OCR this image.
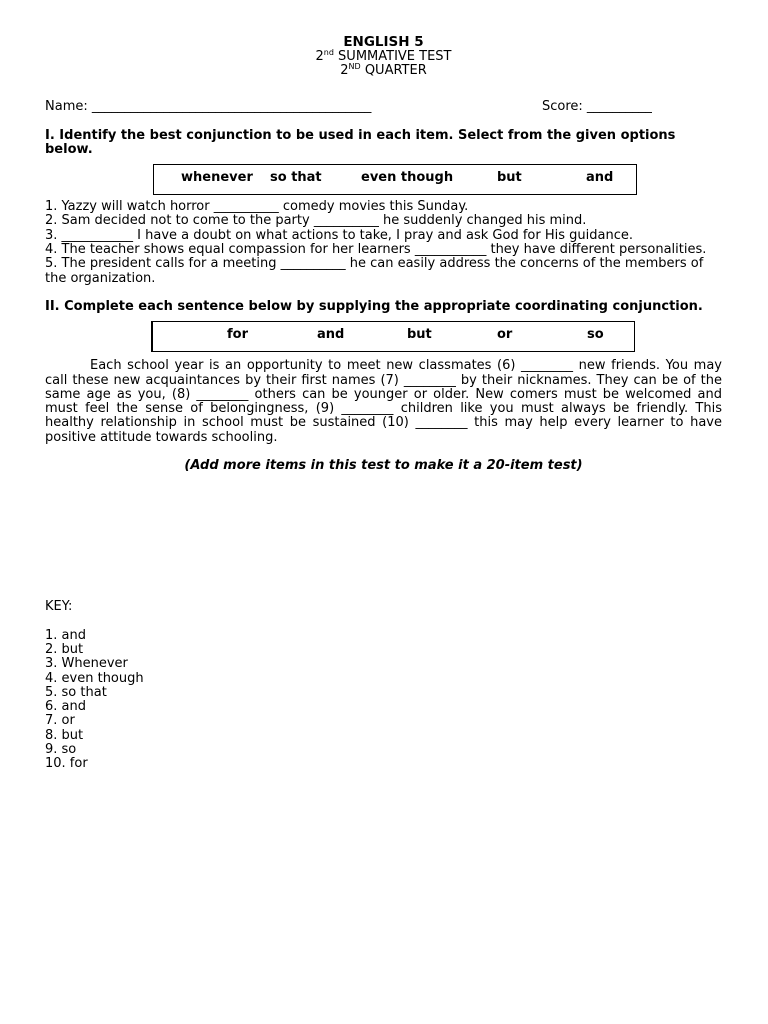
ENGLISH 5
2nd SUMMATIVE TEST
2ND QUARTER
Name: ___________________________________________	Score: __________
I. Identify the best conjunction to be used in each item. Select from the given options below.
whenever so that	even though	but	and

1. Yazzy will watch horror __________ comedy movies this Sunday.

2. Sam decided not to come to the party __________ he suddenly changed his mind.

3. ___________ I have a doubt on what actions to take, I pray and ask God for His guidance.

4. The teacher shows equal compassion for her learners ___________ they have different personalities.

5. The president calls for a meeting __________ he can easily address the concerns of the members of the organization.

II. Complete each sentence below by supplying the appropriate coordinating conjunction.
for	and	but	or	so

Each school year is an opportunity to meet new classmates (6) ________ new friends. You may call these new acquaintances by their first names (7) ________ by their nicknames. They can be of the same age as you, (8) ________ others can be younger or older. New comers must be welcomed and must feel the sense of belongingness, (9) ________ children like you must always be friendly. This healthy relationship in school must be sustained (10) ________ this may help every learner to have positive attitude towards schooling.

(Add more items in this test to make it a 20-item test)
KEY:

1. and

2. but

3. Whenever

4. even though

5. so that

6. and

7. or

8. but

9. so

10. for
